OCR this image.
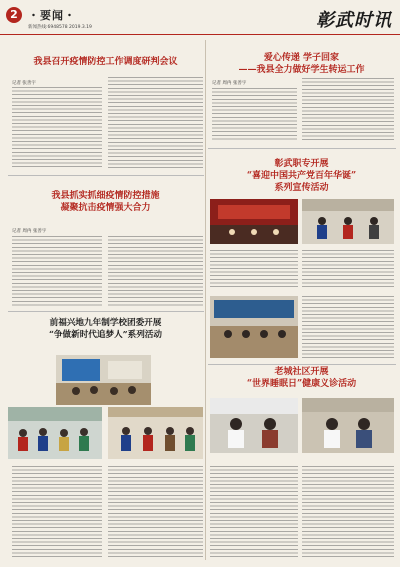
2 ・要闻・
新闻热线:6948578 2019.3.19	彰武时讯
我县召开疫情防控工作调度研判会议
记者 张善宇
我县抓实抓细疫情防控措施
凝聚抗击疫情强大合力
记者 周冉 张善宇
前福兴地九年制学校团委开展
“争做新时代追梦人”系列活动
爱心传递 学子回家
——我县全力做好学生转运工作
记者 周冉 张善宇
彰武职专开展
“喜迎中国共产党百年华诞”
系列宣传活动
老城社区开展
“世界睡眠日”健康义诊活动
